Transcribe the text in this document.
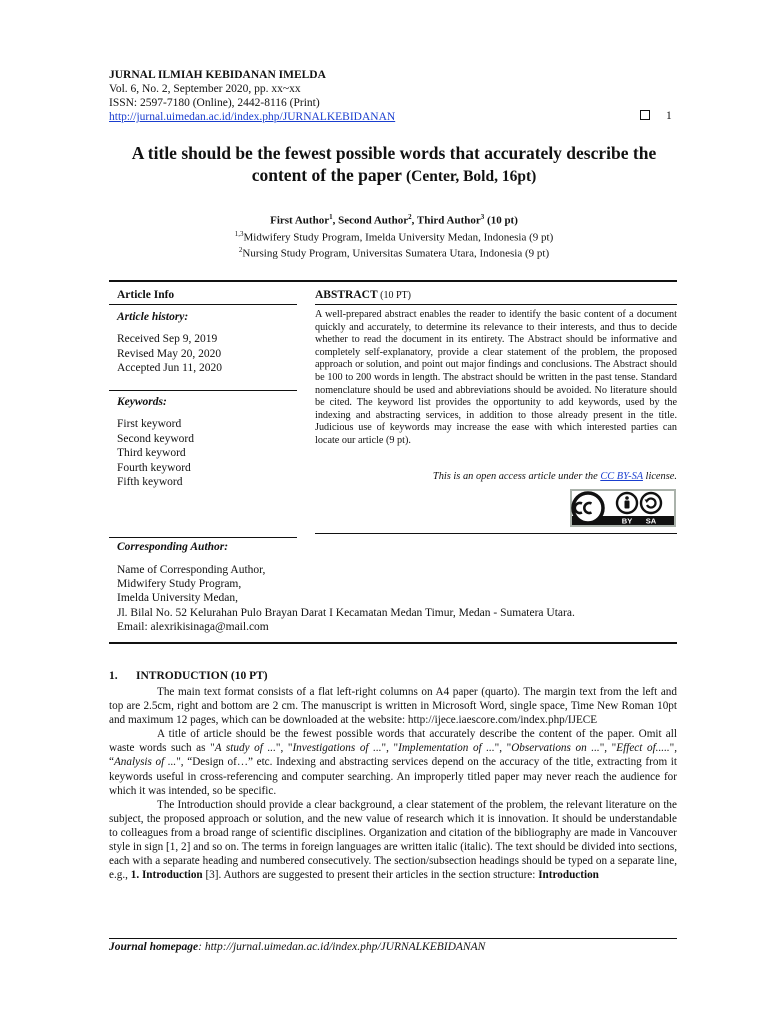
JURNAL ILMIAH KEBIDANAN IMELDA
Vol. 6, No. 2, September 2020, pp. xx~xx
ISSN: 2597-7180 (Online), 2442-8116 (Print)
http://jurnal.uimedan.ac.id/index.php/JURNALKEBIDANAN	1
A title should be the fewest possible words that accurately describe the content of the paper (Center, Bold, 16pt)
First Author$^1$, Second Author$^2$, Third Author$^3$ (10 pt)
$^{1,3}$Midwifery Study Program, Imelda University Medan, Indonesia (9 pt)
$^2$Nursing Study Program, Universitas Sumatera Utara, Indonesia (9 pt)
Article Info
Article history:
Received Sep 9, 2019
Revised May 20, 2020
Accepted Jun 11, 2020
Keywords:
First keyword
Second keyword
Third keyword
Fourth keyword
Fifth keyword
ABSTRACT (10 PT)
A well-prepared abstract enables the reader to identify the basic content of a document quickly and accurately, to determine its relevance to their interests, and thus to decide whether to read the document in its entirety. The Abstract should be informative and completely self-explanatory, provide a clear statement of the problem, the proposed approach or solution, and point out major findings and conclusions. The Abstract should be 100 to 200 words in length. The abstract should be written in the past tense. Standard nomenclature should be used and abbreviations should be avoided. No literature should be cited. The keyword list provides the opportunity to add keywords, used by the indexing and abstracting services, in addition to those already present in the title. Judicious use of keywords may increase the ease with which interested parties can locate our article (9 pt).
This is an open access article under the CC BY-SA license.
BY SA
Corresponding Author:
Name of Corresponding Author,
Midwifery Study Program,
Imelda University Medan,
Jl. Bilal No. 52 Kelurahan Pulo Brayan Darat I Kecamatan Medan Timur, Medan - Sumatera Utara.
Email: alexrikisinaga@mail.com
1. INTRODUCTION (10 PT)

The main text format consists of a flat left-right columns on A4 paper (quarto). The margin text from the left and top are 2.5cm, right and bottom are 2 cm. The manuscript is written in Microsoft Word, single space, Time New Roman 10pt and maximum 12 pages, which can be downloaded at the website: http://ijece.iaescore.com/index.php/IJECE

A title of article should be the fewest possible words that accurately describe the content of the paper. Omit all waste words such as "A study of ...", "Investigations of ...", "Implementation of ...", "Observations on ...", "Effect of.....", “Analysis of ...", “Design of…” etc. Indexing and abstracting services depend on the accuracy of the title, extracting from it keywords useful in cross-referencing and computer searching. An improperly titled paper may never reach the audience for which it was intended, so be specific.

The Introduction should provide a clear background, a clear statement of the problem, the relevant literature on the subject, the proposed approach or solution, and the new value of research which it is innovation. It should be understandable to colleagues from a broad range of scientific disciplines. Organization and citation of the bibliography are made in Vancouver style in sign [1, 2] and so on. The terms in foreign languages are written italic (italic). The text should be divided into sections, each with a separate heading and numbered consecutively. The section/subsection headings should be typed on a separate line, e.g., 1. Introduction [3]. Authors are suggested to present their articles in the section structure: Introduction

Journal homepage: http://jurnal.uimedan.ac.id/index.php/JURNALKEBIDANAN
